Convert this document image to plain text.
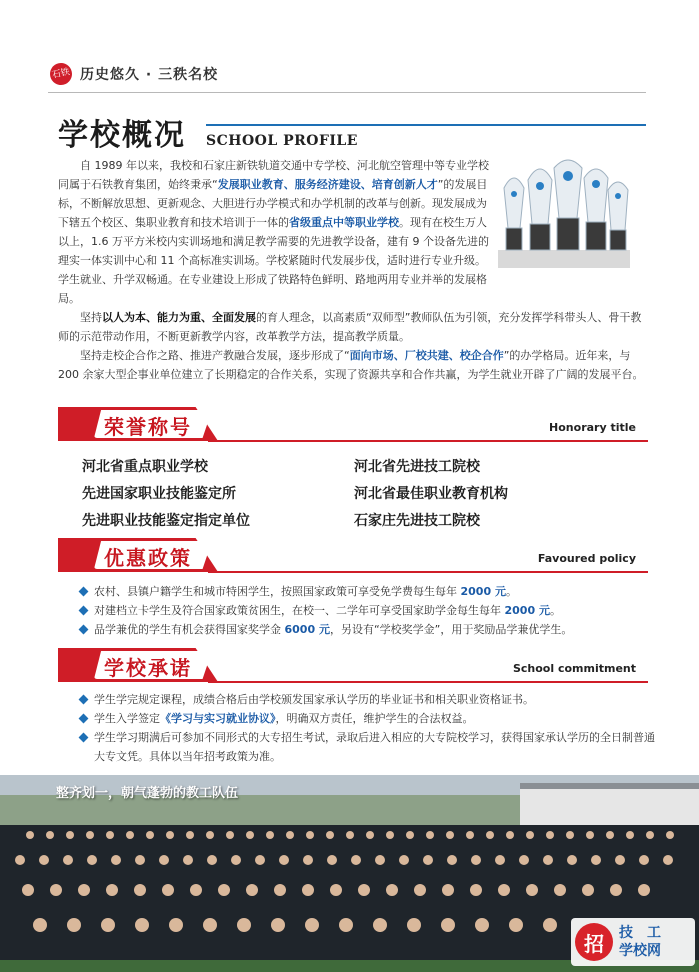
石铁 历史悠久 · 三秩名校
学校概况 SCHOOL PROFILE

自 1989 年以来，我校和石家庄新铁轨道交通中专学校、河北航空管理中等专业学校同属于石铁教育集团，始终秉承“发展职业教育、服务经济建设、培育创新人才”的发展目标，不断解放思想、更新观念、大胆进行办学模式和办学机制的改革与创新。现发展成为下辖五个校区、集职业教育和技术培训于一体的省级重点中等职业学校。现有在校生万人以上，1.6 万平方米校内实训场地和满足教学需要的先进教学设备，建有 9 个设备先进的理实一体实训中心和 11 个高标准实训场。学校紧随时代发展步伐，适时进行专业升级。学生就业、升学双畅通。在专业建设上形成了铁路特色鲜明、路地两用专业并举的发展格局。

坚持以人为本、能力为重、全面发展的育人理念，以高素质“双师型”教师队伍为引领，充分发挥学科带头人、骨干教师的示范带动作用，不断更新教学内容，改革教学方法，提高教学质量。

坚持走校企合作之路、推进产教融合发展，逐步形成了“面向市场、厂校共建、校企合作”的办学格局。近年来，与 200 余家大型企事业单位建立了长期稳定的合作关系，实现了资源共享和合作共赢，为学生就业开辟了广阔的发展平台。

荣誉称号	Honorary title
河北省重点职业学校	河北省先进技工院校
先进国家职业技能鉴定所	河北省最佳职业教育机构
先进职业技能鉴定指定单位	石家庄先进技工院校
优惠政策	Favoured policy
农村、县镇户籍学生和城市特困学生，按照国家政策可享受免学费每生每年 2000 元。
对建档立卡学生及符合国家政策贫困生，在校一、二学年可享受国家助学金每生每年 2000 元。
品学兼优的学生有机会获得国家奖学金 6000 元，另设有“学校奖学金”，用于奖励品学兼优学生。
学校承诺	School commitment
学生学完规定课程，成绩合格后由学校颁发国家承认学历的毕业证书和相关职业资格证书。
学生入学签定《学习与实习就业协议》，明确双方责任，维护学生的合法权益。
学生学习期满后可参加不同形式的大专招生考试，录取后进入相应的大专院校学习，获得国家承认学历的全日制普通大专文凭。具体以当年招考政策为准。
整齐划一，朝气蓬勃的教工队伍
招	技　工
学校网
